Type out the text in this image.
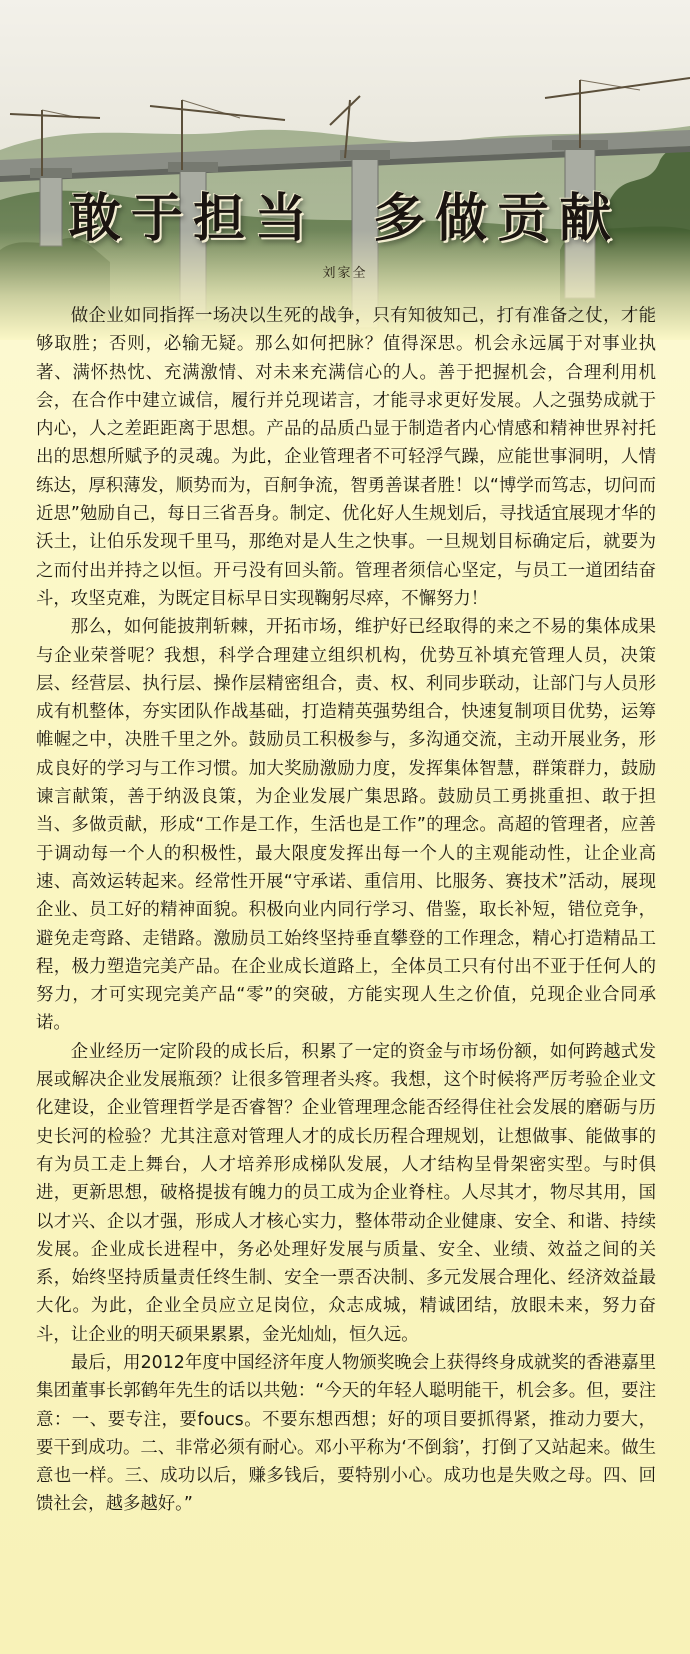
敢于担当  多做贡献
刘家全

做企业如同指挥一场决以生死的战争，只有知彼知己，打有准备之仗，才能够取胜；否则，必输无疑。那么如何把脉？值得深思。机会永远属于对事业执著、满怀热忱、充满激情、对未来充满信心的人。善于把握机会，合理利用机会，在合作中建立诚信，履行并兑现诺言，才能寻求更好发展。人之强势成就于内心，人之差距距离于思想。产品的品质凸显于制造者内心情感和精神世界衬托出的思想所赋予的灵魂。为此，企业管理者不可轻浮气躁，应能世事洞明，人情练达，厚积薄发，顺势而为，百舸争流，智勇善谋者胜！以“博学而笃志，切问而近思”勉励自己，每日三省吾身。制定、优化好人生规划后，寻找适宜展现才华的沃土，让伯乐发现千里马，那绝对是人生之快事。一旦规划目标确定后，就要为之而付出并持之以恒。开弓没有回头箭。管理者须信心坚定，与员工一道团结奋斗，攻坚克难，为既定目标早日实现鞠躬尽瘁，不懈努力！

那么，如何能披荆斩棘，开拓市场，维护好已经取得的来之不易的集体成果与企业荣誉呢？我想，科学合理建立组织机构，优势互补填充管理人员，决策层、经营层、执行层、操作层精密组合，责、权、利同步联动，让部门与人员形成有机整体，夯实团队作战基础，打造精英强势组合，快速复制项目优势，运筹帷幄之中，决胜千里之外。鼓励员工积极参与，多沟通交流，主动开展业务，形成良好的学习与工作习惯。加大奖励激励力度，发挥集体智慧，群策群力，鼓励谏言献策，善于纳汲良策，为企业发展广集思路。鼓励员工勇挑重担、敢于担当、多做贡献，形成“工作是工作，生活也是工作”的理念。高超的管理者，应善于调动每一个人的积极性，最大限度发挥出每一个人的主观能动性，让企业高速、高效运转起来。经常性开展“守承诺、重信用、比服务、赛技术”活动，展现企业、员工好的精神面貌。积极向业内同行学习、借鉴，取长补短，错位竞争，避免走弯路、走错路。激励员工始终坚持垂直攀登的工作理念，精心打造精品工程，极力塑造完美产品。在企业成长道路上，全体员工只有付出不亚于任何人的努力，才可实现完美产品“零”的突破，方能实现人生之价值，兑现企业合同承诺。

企业经历一定阶段的成长后，积累了一定的资金与市场份额，如何跨越式发展或解决企业发展瓶颈？让很多管理者头疼。我想，这个时候将严厉考验企业文化建设，企业管理哲学是否睿智？企业管理理念能否经得住社会发展的磨砺与历史长河的检验？尤其注意对管理人才的成长历程合理规划，让想做事、能做事的有为员工走上舞台，人才培养形成梯队发展，人才结构呈骨架密实型。与时俱进，更新思想，破格提拔有魄力的员工成为企业脊柱。人尽其才，物尽其用，国以才兴、企以才强，形成人才核心实力，整体带动企业健康、安全、和谐、持续发展。企业成长进程中，务必处理好发展与质量、安全、业绩、效益之间的关系，始终坚持质量责任终生制、安全一票否决制、多元发展合理化、经济效益最大化。为此，企业全员应立足岗位，众志成城，精诚团结，放眼未来，努力奋斗，让企业的明天硕果累累，金光灿灿，恒久远。

最后，用2012年度中国经济年度人物颁奖晚会上获得终身成就奖的香港嘉里集团董事长郭鹤年先生的话以共勉：“今天的年轻人聪明能干，机会多。但，要注意：一、要专注，要foucs。不要东想西想；好的项目要抓得紧，推动力要大，要干到成功。二、非常必须有耐心。邓小平称为‘不倒翁’，打倒了又站起来。做生意也一样。三、成功以后，赚多钱后，要特别小心。成功也是失败之母。四、回馈社会，越多越好。”
